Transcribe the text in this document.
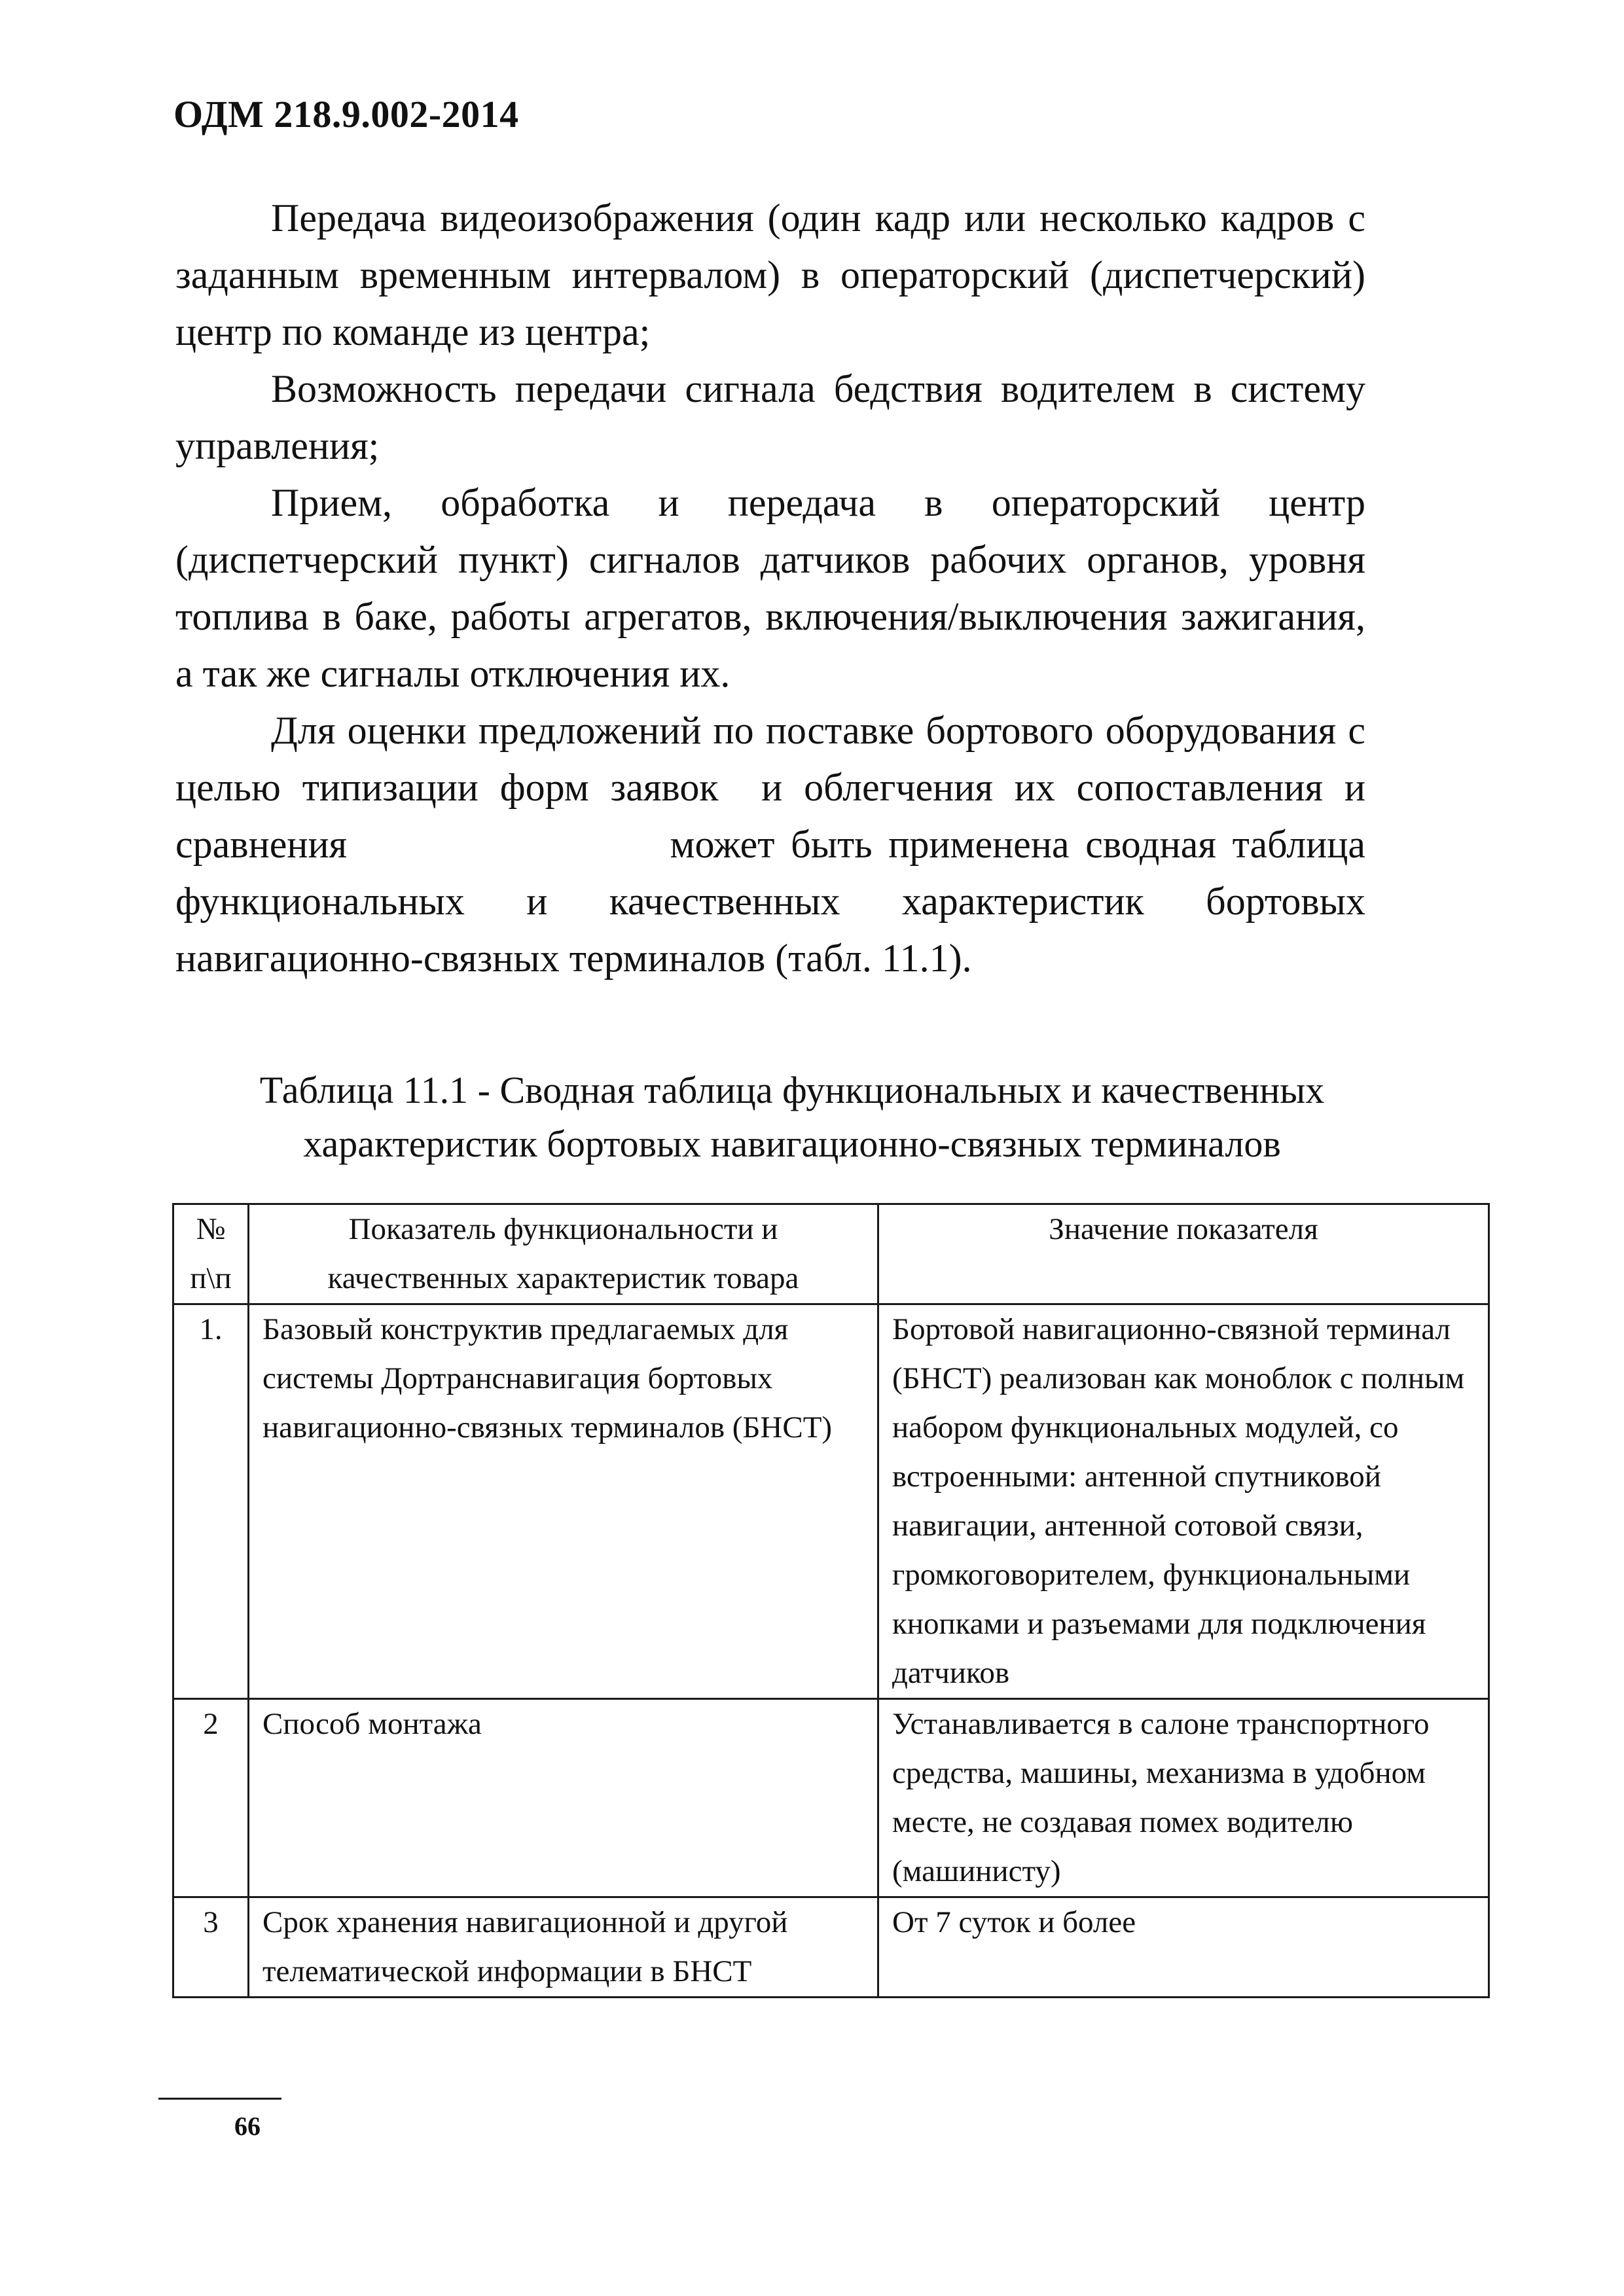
ОДМ 218.9.002-2014

Передача видеоизображения (один кадр или несколько кадров с заданным временным интервалом) в операторский (диспетчерский) центр по команде из центра;

Возможность передачи сигнала бедствия водителем в систему управления;

Прием, обработка и передача в операторский центр (диспетчерский пункт) сигналов датчиков рабочих органов, уровня топлива в баке, работы агрегатов, включения/выключения зажигания, а так же сигналы отключения их.

Для оценки предложений по поставке бортового оборудования с целью типизации форм заявок  и облегчения их сопоставления и сравнения                    может быть применена сводная таблица функциональных и качественных характеристик бортовых навигационно-связных терминалов (табл. 11.1).

Таблица 11.1 - Сводная таблица функциональных и качественных
характеристик бортовых навигационно-связных терминалов
№ п\п	Показатель функциональности и качественных характеристик товара	Значение показателя
1.	Базовый конструктив предлагаемых для системы Дортранснавигация бортовых навигационно-связных терминалов (БНСТ)	Бортовой навигационно-связной терминал (БНСТ) реализован как моноблок с полным набором функциональных модулей, со встроенными: антенной спутниковой навигации, антенной сотовой связи, громкоговорителем, функциональными кнопками и разъемами для подключения датчиков
2	Способ монтажа	Устанавливается в салоне транспортного средства, машины, механизма в удобном месте, не создавая помех водителю (машинисту)
3	Срок хранения навигационной и другой телематической информации в БНСТ	От 7 суток и более
66
